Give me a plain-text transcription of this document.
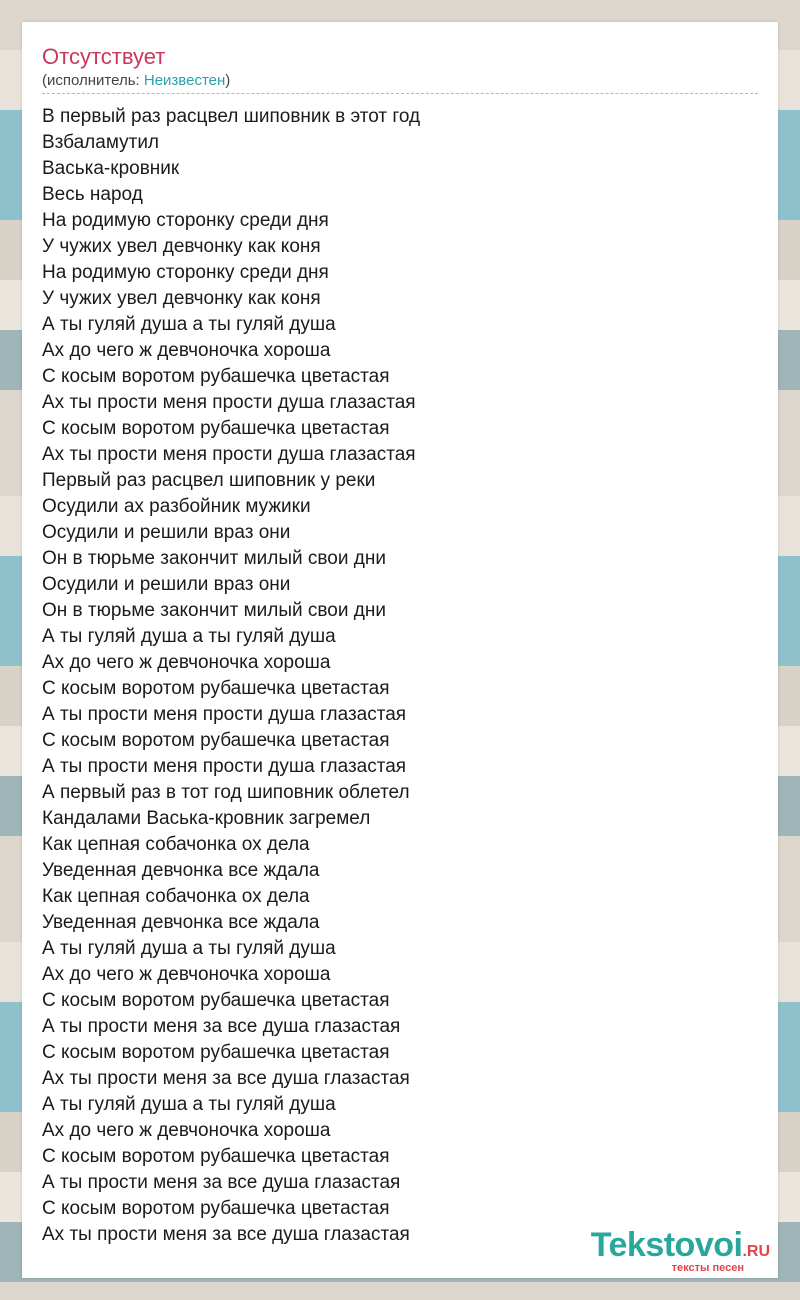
Отсутствует
(исполнитель: Неизвестен)
В первый раз расцвел шиповник в этот год
Взбаламутил
Васька-кровник
Весь народ
На родимую сторонку среди дня
У чужих увел девчонку как коня
На родимую сторонку среди дня
У чужих увел девчонку как коня
А ты гуляй душа а ты гуляй душа
Ах до чего ж девчоночка хороша
С косым воротом рубашечка цветастая
Ах ты прости меня прости душа глазастая
С косым воротом рубашечка цветастая
Ах ты прости меня прости душа глазастая
Первый раз расцвел шиповник у реки
Осудили ах разбойник мужики
Осудили и решили враз они
Он в тюрьме закончит милый свои дни
Осудили и решили враз они
Он в тюрьме закончит милый свои дни
А ты гуляй душа а ты гуляй душа
Ах до чего ж девчоночка хороша
С косым воротом рубашечка цветастая
А ты прости меня прости душа глазастая
С косым воротом рубашечка цветастая
А ты прости меня прости душа глазастая
А первый раз в тот год шиповник облетел
Кандалами Васька-кровник загремел
Как цепная собачонка ох дела
Уведенная девчонка все ждала
Как цепная собачонка ох дела
Уведенная девчонка все ждала
А ты гуляй душа а ты гуляй душа
Ах до чего ж девчоночка хороша
С косым воротом рубашечка цветастая
А ты прости меня за все душа глазастая
С косым воротом рубашечка цветастая
Ах ты прости меня за все душа глазастая
А ты гуляй душа а ты гуляй душа
Ах до чего ж девчоночка хороша
С косым воротом рубашечка цветастая
А ты прости меня за все душа глазастая
С косым воротом рубашечка цветастая
Ах ты прости меня за все душа глазастая	Tekstovoi.RU
тексты песен
